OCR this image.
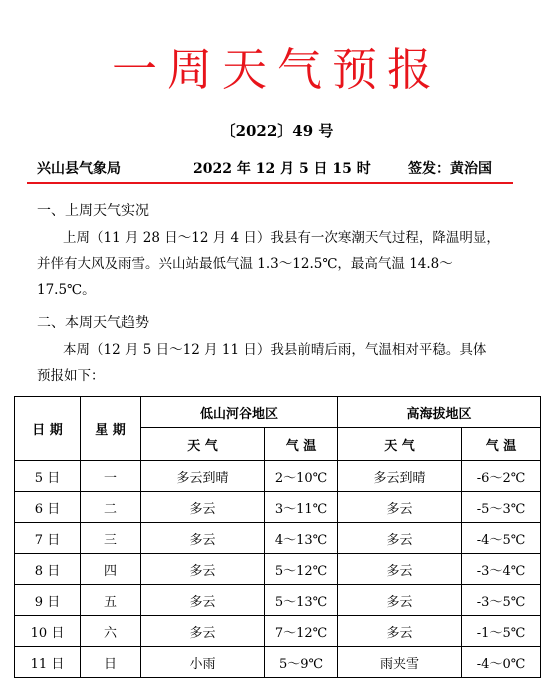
一周天气预报
〔2022〕49 号
兴山县气象局	2022 年 12 月 5 日 15 时	签发：黄治国
一、上周天气实况
上周（11 月 28 日～12 月 4 日）我县有一次寒潮天气过程，降温明显，
并伴有大风及雨雪。兴山站最低气温 1.3～12.5℃，最高气温 14.8～
17.5℃。
二、本周天气趋势
本周（12 月 5 日～12 月 11 日）我县前晴后雨，气温相对平稳。具体
预报如下：
日 期	星 期	低山河谷地区		高海拔地区	
		天 气	气 温	天 气	气 温
5 日	一	多云到晴	2～10℃	多云到晴	-6～2℃
6 日	二	多云	3～11℃	多云	-5～3℃
7 日	三	多云	4～13℃	多云	-4～5℃
8 日	四	多云	5～12℃	多云	-3～4℃
9 日	五	多云	5～13℃	多云	-3～5℃
10 日	六	多云	7～12℃	多云	-1～5℃
11 日	日	小雨	5～9℃	雨夹雪	-4～0℃
